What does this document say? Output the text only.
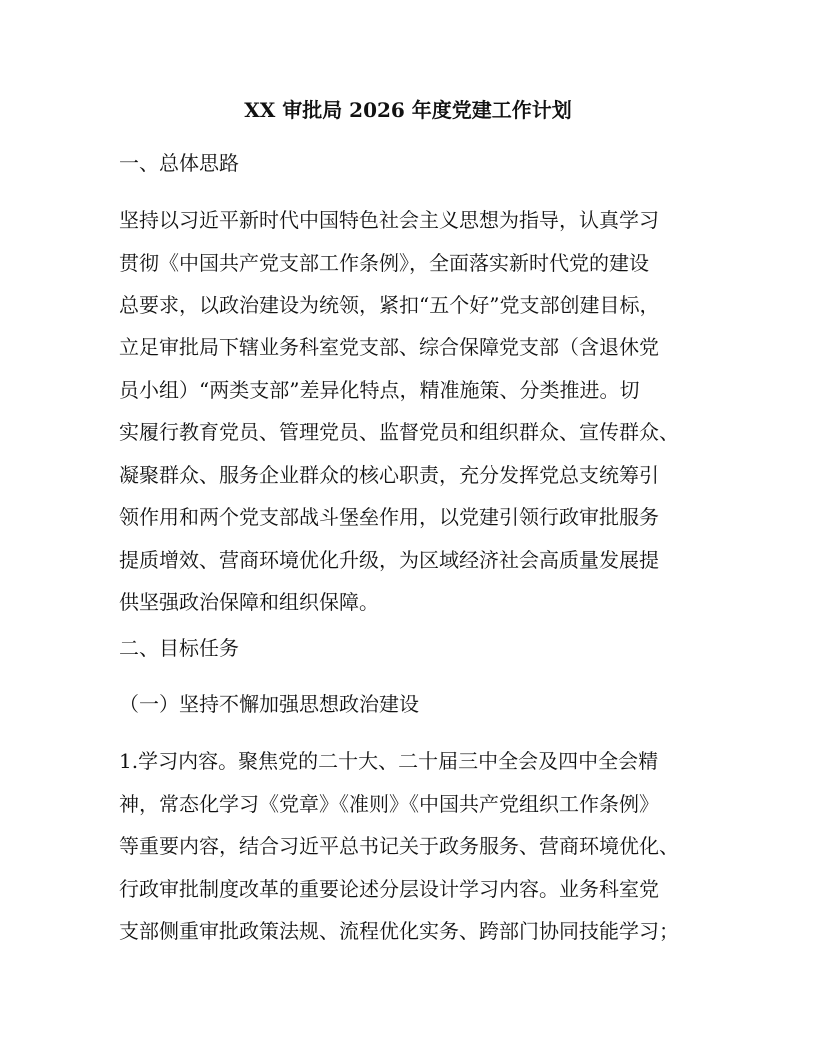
XX 审批局 2026 年度党建工作计划
一、总体思路
坚持以习近平新时代中国特色社会主义思想为指导，认真学习
贯彻《中国共产党支部工作条例》，全面落实新时代党的建设
总要求，以政治建设为统领，紧扣“五个好”党支部创建目标，
立足审批局下辖业务科室党支部、综合保障党支部（含退休党
员小组）“两类支部”差异化特点，精准施策、分类推进。切
实履行教育党员、管理党员、监督党员和组织群众、宣传群众、
凝聚群众、服务企业群众的核心职责，充分发挥党总支统筹引
领作用和两个党支部战斗堡垒作用，以党建引领行政审批服务
提质增效、营商环境优化升级，为区域经济社会高质量发展提
供坚强政治保障和组织保障。
二、目标任务
（一）坚持不懈加强思想政治建设
1.学习内容。聚焦党的二十大、二十届三中全会及四中全会精
神，常态化学习《党章》《准则》《中国共产党组织工作条例》
等重要内容，结合习近平总书记关于政务服务、营商环境优化、
行政审批制度改革的重要论述分层设计学习内容。业务科室党
支部侧重审批政策法规、流程优化实务、跨部门协同技能学习；
